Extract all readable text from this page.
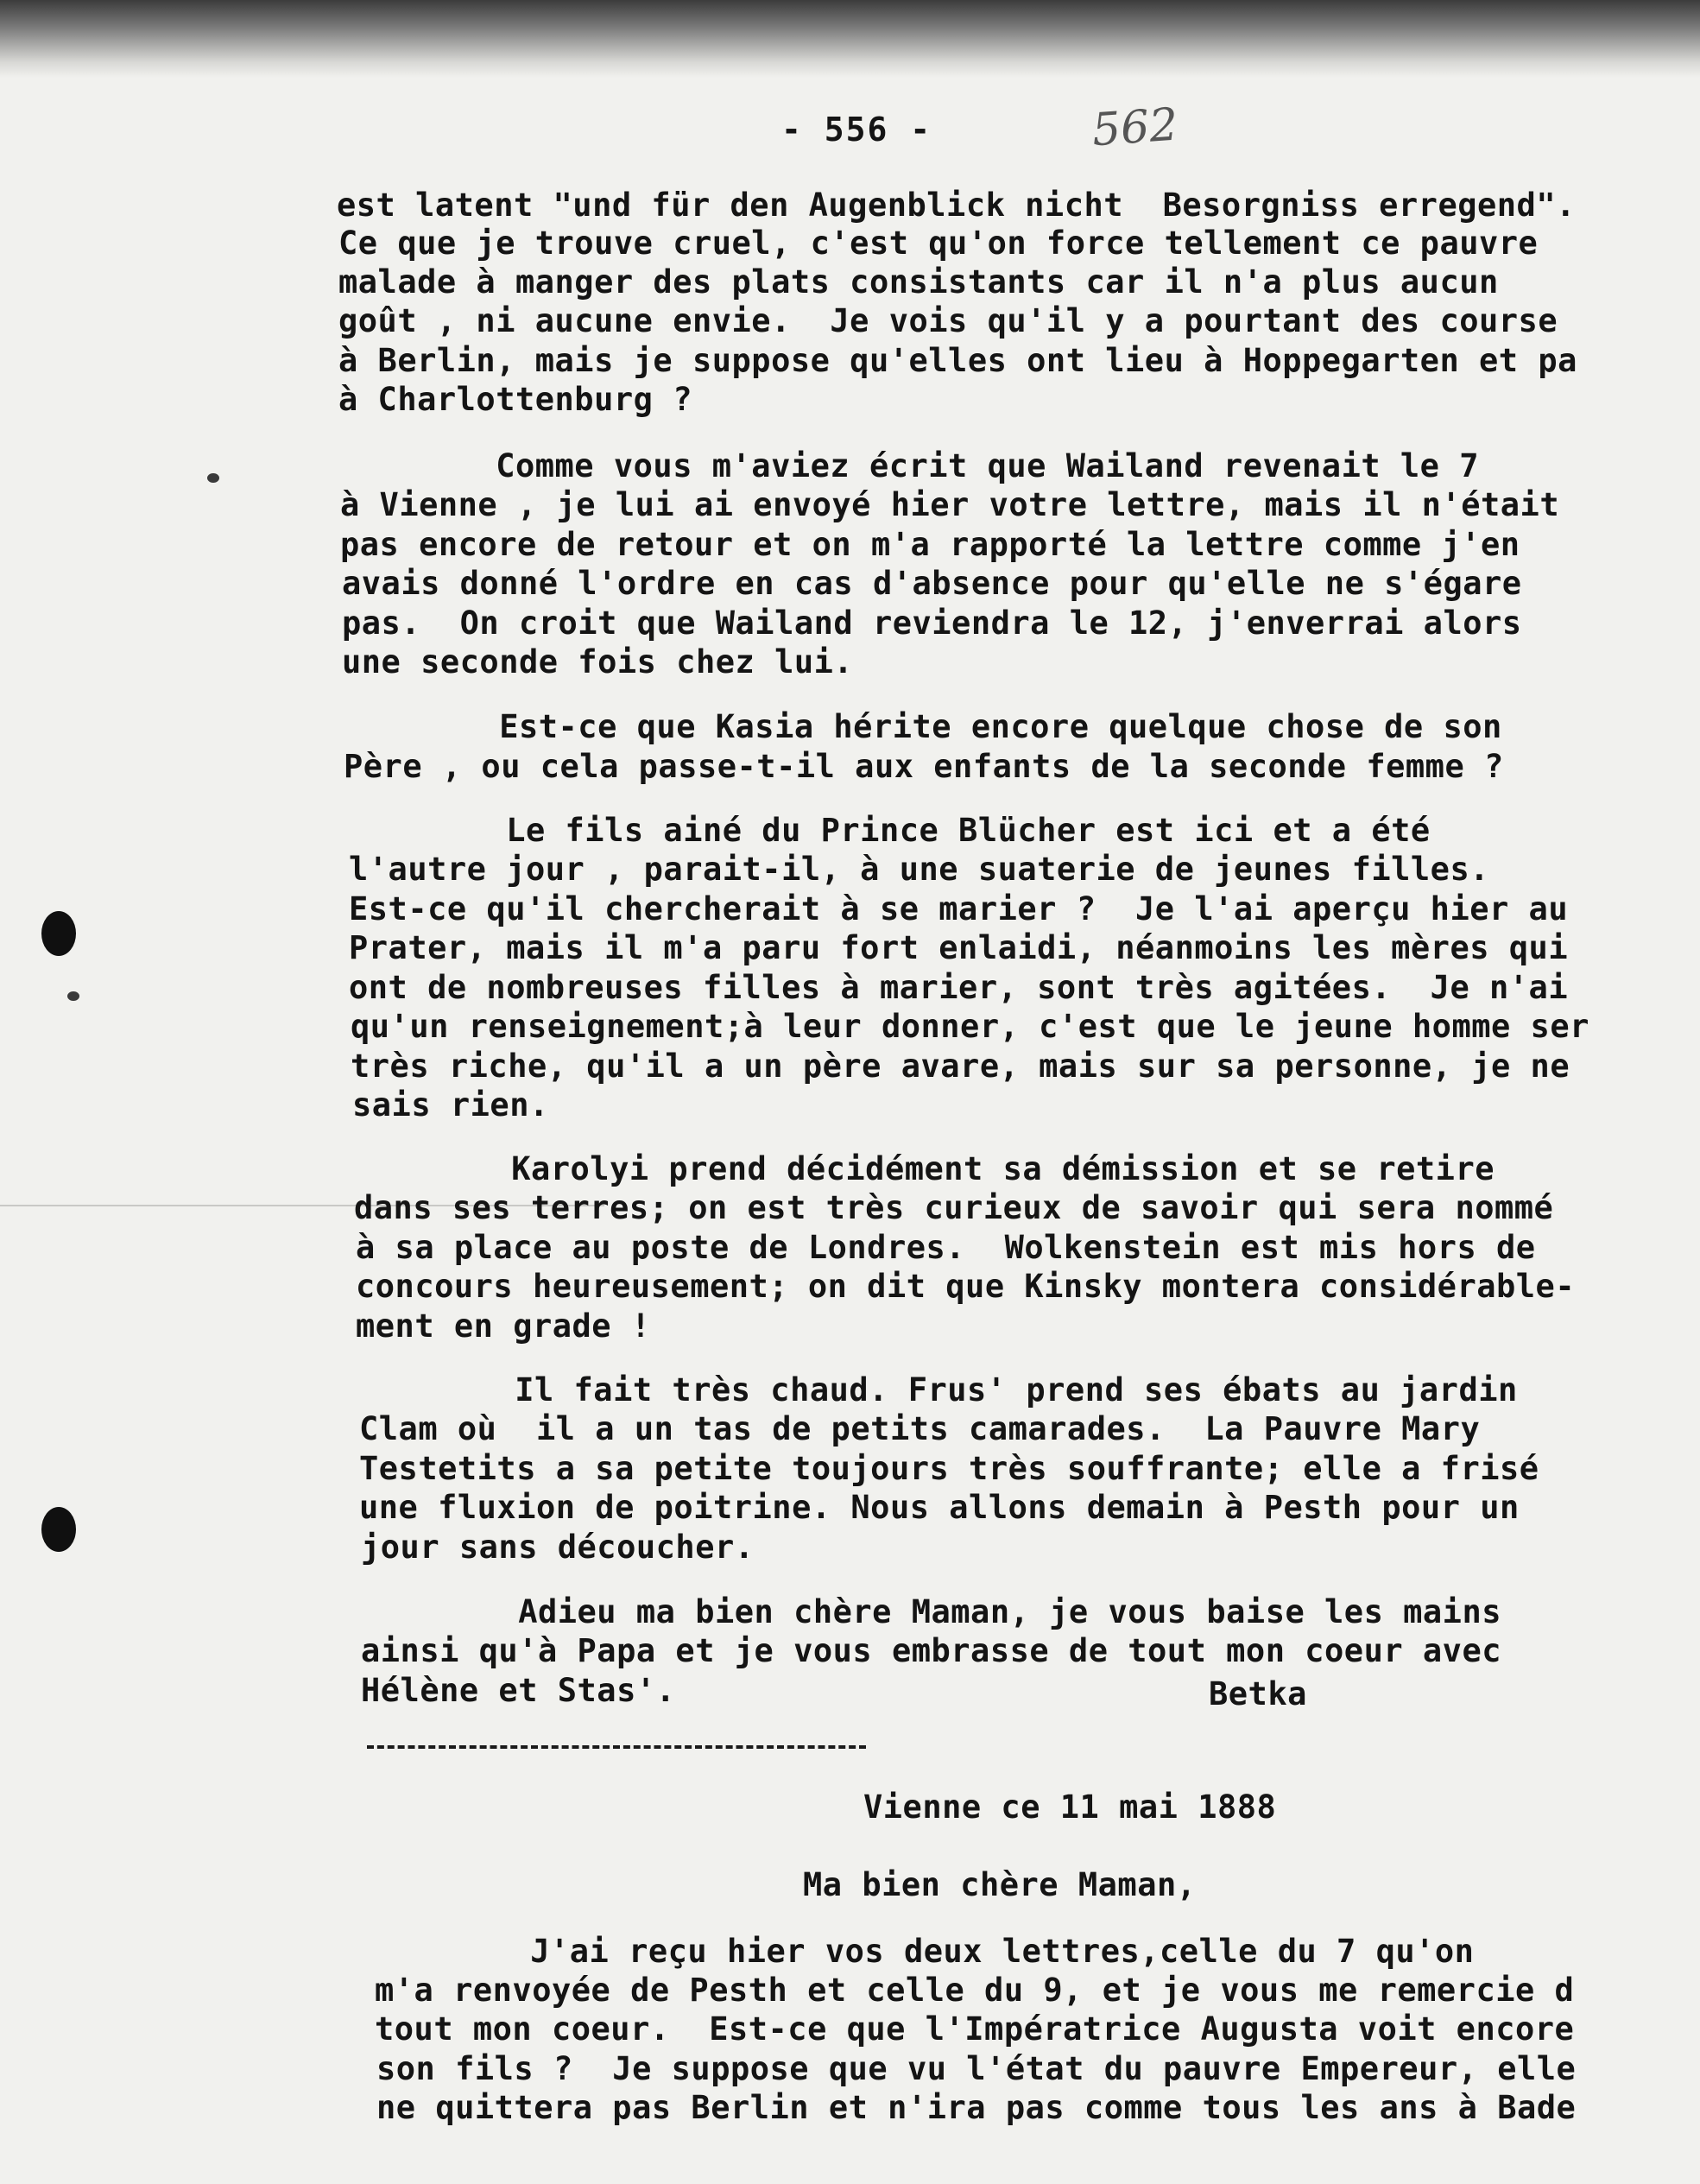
- 556 -	562
est latent "und für den Augenblick nicht  Besorgniss erregend".
Ce que je trouve cruel, c'est qu'on force tellement ce pauvre
malade à manger des plats consistants car il n'a plus aucun
goût , ni aucune envie.  Je vois qu'il y a pourtant des course
à Berlin, mais je suppose qu'elles ont lieu à Hoppegarten et pa
à Charlottenburg ?
Comme vous m'aviez écrit que Wailand revenait le 7
à Vienne , je lui ai envoyé hier votre lettre, mais il n'était
pas encore de retour et on m'a rapporté la lettre comme j'en
avais donné l'ordre en cas d'absence pour qu'elle ne s'égare
pas.  On croit que Wailand reviendra le 12, j'enverrai alors
une seconde fois chez lui.
Est-ce que Kasia hérite encore quelque chose de son
Père , ou cela passe-t-il aux enfants de la seconde femme ?
Le fils ainé du Prince Blücher est ici et a été
l'autre jour , parait-il, à une suaterie de jeunes filles.
Est-ce qu'il chercherait à se marier ?  Je l'ai aperçu hier au
Prater, mais il m'a paru fort enlaidi, néanmoins les mères qui
ont de nombreuses filles à marier, sont très agitées.  Je n'ai
qu'un renseignement;à leur donner, c'est que le jeune homme ser
très riche, qu'il a un père avare, mais sur sa personne, je ne
sais rien.
Karolyi prend décidément sa démission et se retire
dans ses terres; on est très curieux de savoir qui sera nommé
à sa place au poste de Londres.  Wolkenstein est mis hors de
concours heureusement; on dit que Kinsky montera considérable-
ment en grade !
Il fait très chaud. Frus' prend ses ébats au jardin
Clam où  il a un tas de petits camarades.  La Pauvre Mary
Testetits a sa petite toujours très souffrante; elle a frisé
une fluxion de poitrine. Nous allons demain à Pesth pour un
jour sans découcher.
Adieu ma bien chère Maman, je vous baise les mains
ainsi qu'à Papa et je vous embrasse de tout mon coeur avec
Hélène et Stas'.	Betka
Vienne ce 11 mai 1888
Ma bien chère Maman,
J'ai reçu hier vos deux lettres,celle du 7 qu'on
m'a renvoyée de Pesth et celle du 9, et je vous me remercie d
tout mon coeur.  Est-ce que l'Impératrice Augusta voit encore
son fils ?  Je suppose que vu l'état du pauvre Empereur, elle
ne quittera pas Berlin et n'ira pas comme tous les ans à Bade
